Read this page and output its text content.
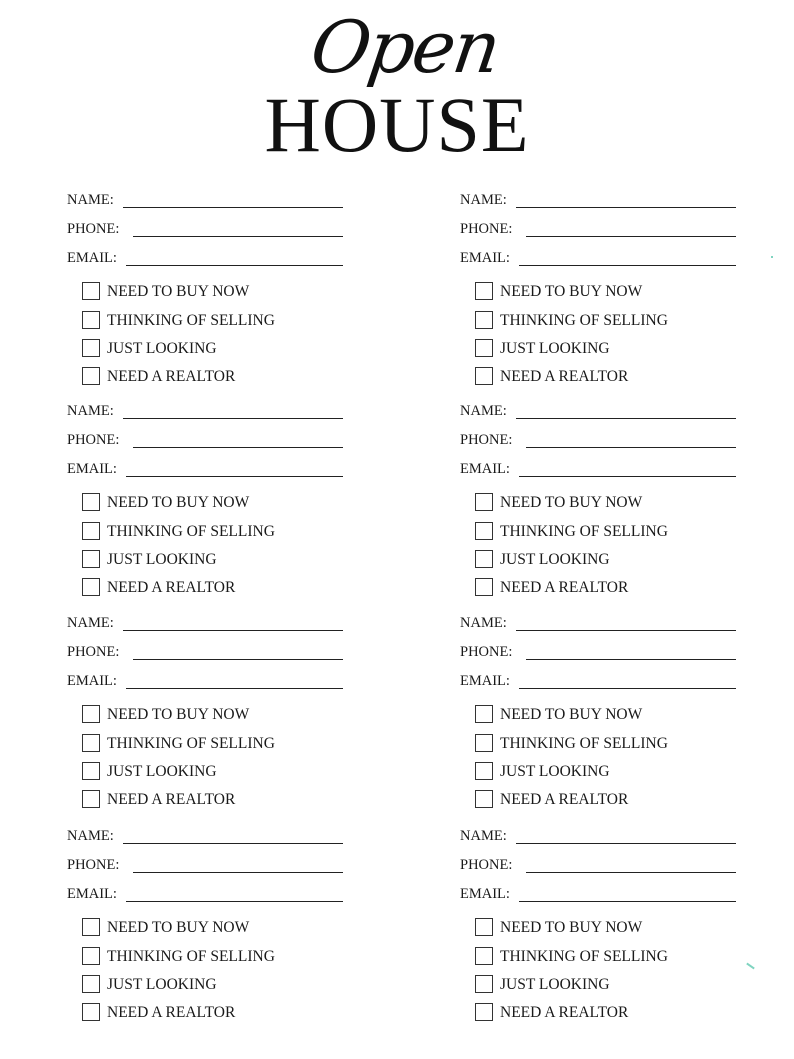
Open
HOUSE
NAME:
PHONE:
EMAIL:
NEED TO BUY NOW
THINKING OF SELLING
JUST LOOKING
NEED A REALTOR
NAME:
PHONE:
EMAIL:
NEED TO BUY NOW
THINKING OF SELLING
JUST LOOKING
NEED A REALTOR
NAME:
PHONE:
EMAIL:
NEED TO BUY NOW
THINKING OF SELLING
JUST LOOKING
NEED A REALTOR
NAME:
PHONE:
EMAIL:
NEED TO BUY NOW
THINKING OF SELLING
JUST LOOKING
NEED A REALTOR
NAME:
PHONE:
EMAIL:
NEED TO BUY NOW
THINKING OF SELLING
JUST LOOKING
NEED A REALTOR
NAME:
PHONE:
EMAIL:
NEED TO BUY NOW
THINKING OF SELLING
JUST LOOKING
NEED A REALTOR
NAME:
PHONE:
EMAIL:
NEED TO BUY NOW
THINKING OF SELLING
JUST LOOKING
NEED A REALTOR
NAME:
PHONE:
EMAIL:
NEED TO BUY NOW
THINKING OF SELLING
JUST LOOKING
NEED A REALTOR
